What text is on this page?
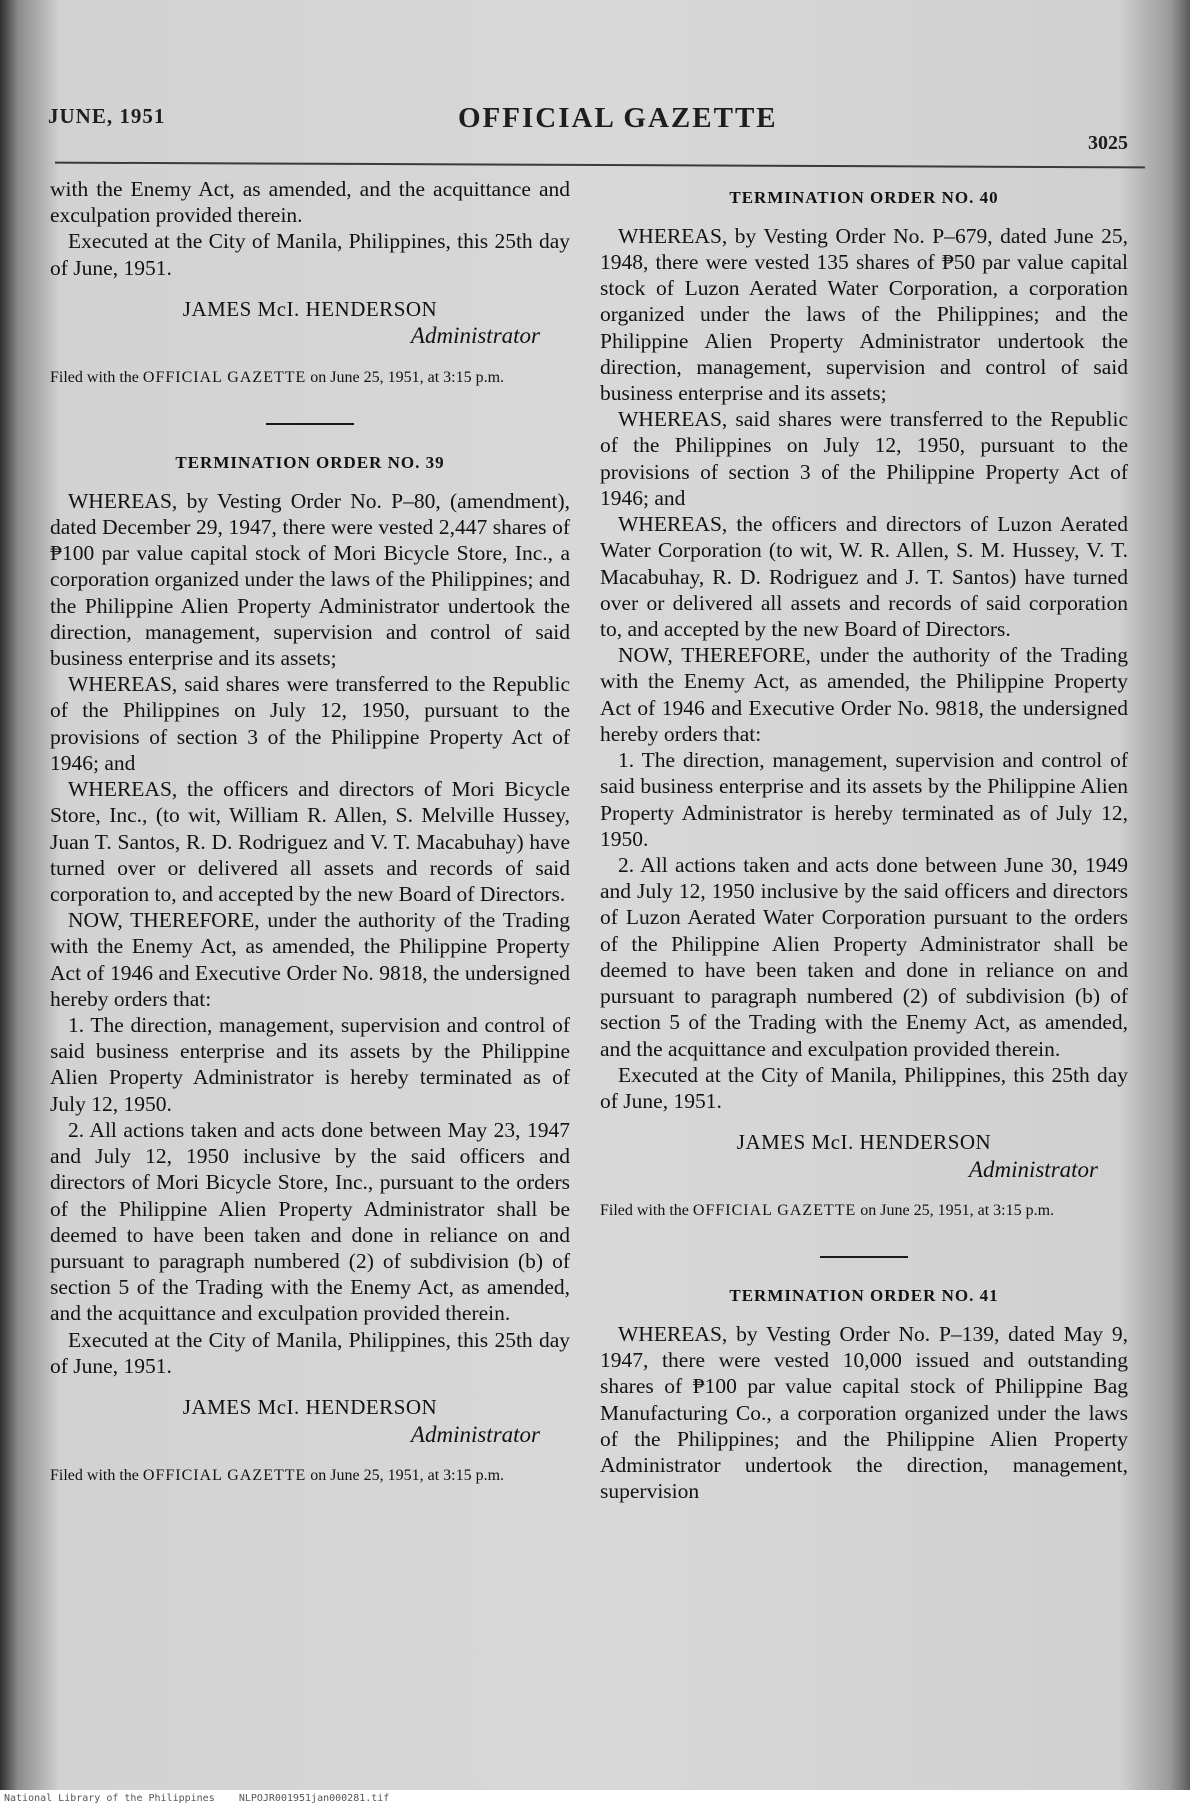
JUNE, 1951	OFFICIAL GAZETTE
3025

with the Enemy Act, as amended, and the acquittance and exculpation provided therein.

Executed at the City of Manila, Philippines, this 25th day of June, 1951.

JAMES McI. HENDERSON
Administrator
Filed with the OFFICIAL GAZETTE on June 25, 1951, at 3:15 p.m.
TERMINATION ORDER NO. 39

WHEREAS, by Vesting Order No. P–80, (amendment), dated December 29, 1947, there were vested 2,447 shares of ₱100 par value capital stock of Mori Bicycle Store, Inc., a corporation organized under the laws of the Philippines; and the Philippine Alien Property Administrator undertook the direction, management, supervision and control of said business enterprise and its assets;

WHEREAS, said shares were transferred to the Republic of the Philippines on July 12, 1950, pursuant to the provisions of section 3 of the Philippine Property Act of 1946; and

WHEREAS, the officers and directors of Mori Bicycle Store, Inc., (to wit, William R. Allen, S. Melville Hussey, Juan T. Santos, R. D. Rodriguez and V. T. Macabuhay) have turned over or delivered all assets and records of said corporation to, and accepted by the new Board of Directors.

NOW, THEREFORE, under the authority of the Trading with the Enemy Act, as amended, the Philippine Property Act of 1946 and Executive Order No. 9818, the undersigned hereby orders that:

1. The direction, management, supervision and control of said business enterprise and its assets by the Philippine Alien Property Administrator is hereby terminated as of July 12, 1950.

2. All actions taken and acts done between May 23, 1947 and July 12, 1950 inclusive by the said officers and directors of Mori Bicycle Store, Inc., pursuant to the orders of the Philippine Alien Property Administrator shall be deemed to have been taken and done in reliance on and pursuant to paragraph numbered (2) of subdivision (b) of section 5 of the Trading with the Enemy Act, as amended, and the acquittance and exculpation provided therein.

Executed at the City of Manila, Philippines, this 25th day of June, 1951.

JAMES McI. HENDERSON
Administrator
Filed with the OFFICIAL GAZETTE on June 25, 1951, at 3:15 p.m.
TERMINATION ORDER NO. 40

WHEREAS, by Vesting Order No. P–679, dated June 25, 1948, there were vested 135 shares of ₱50 par value capital stock of Luzon Aerated Water Corporation, a corporation organized under the laws of the Philippines; and the Philippine Alien Property Administrator undertook the direction, management, supervision and control of said business enterprise and its assets;

WHEREAS, said shares were transferred to the Republic of the Philippines on July 12, 1950, pursuant to the provisions of section 3 of the Philippine Property Act of 1946; and

WHEREAS, the officers and directors of Luzon Aerated Water Corporation (to wit, W. R. Allen, S. M. Hussey, V. T. Macabuhay, R. D. Rodriguez and J. T. Santos) have turned over or delivered all assets and records of said corporation to, and accepted by the new Board of Directors.

NOW, THEREFORE, under the authority of the Trading with the Enemy Act, as amended, the Philippine Property Act of 1946 and Executive Order No. 9818, the undersigned hereby orders that:

1. The direction, management, supervision and control of said business enterprise and its assets by the Philippine Alien Property Administrator is hereby terminated as of July 12, 1950.

2. All actions taken and acts done between June 30, 1949 and July 12, 1950 inclusive by the said officers and directors of Luzon Aerated Water Corporation pursuant to the orders of the Philippine Alien Property Administrator shall be deemed to have been taken and done in reliance on and pursuant to paragraph numbered (2) of subdivision (b) of section 5 of the Trading with the Enemy Act, as amended, and the acquittance and exculpation provided therein.

Executed at the City of Manila, Philippines, this 25th day of June, 1951.

JAMES McI. HENDERSON
Administrator
Filed with the OFFICIAL GAZETTE on June 25, 1951, at 3:15 p.m.
TERMINATION ORDER NO. 41

WHEREAS, by Vesting Order No. P–139, dated May 9, 1947, there were vested 10,000 issued and outstanding shares of ₱100 par value capital stock of Philippine Bag Manufacturing Co., a corporation organized under the laws of the Philippines; and the Philippine Alien Property Administrator undertook the direction, management, supervision

National Library of the Philippines NLPOJR001951jan000281.tif
